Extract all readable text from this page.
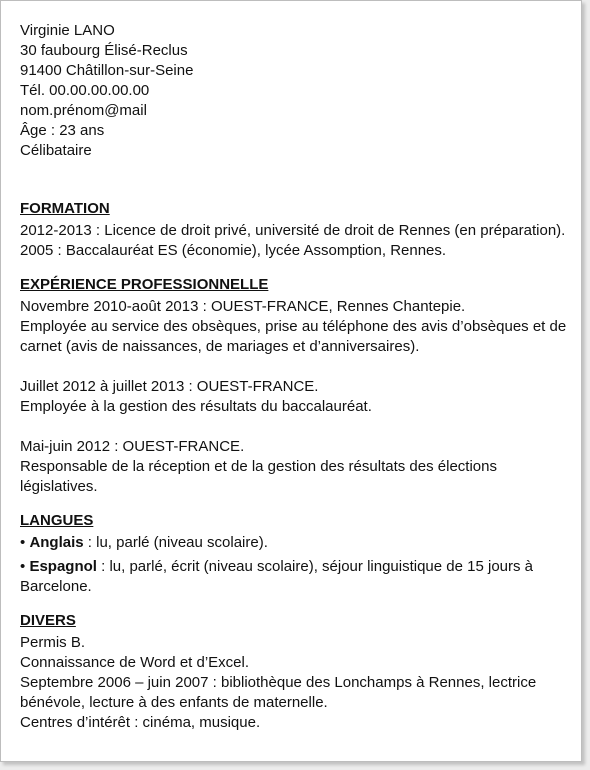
Virginie LANO
30 faubourg Élisé-Reclus
91400 Châtillon-sur-Seine
Tél. 00.00.00.00.00
nom.prénom@mail
Âge : 23 ans
Célibataire
FORMATION
2012-2013 : Licence de droit privé, université de droit de Rennes (en préparation).
2005 : Baccalauréat ES (économie), lycée Assomption, Rennes.
EXPÉRIENCE PROFESSIONNELLE
Novembre 2010-août 2013 : OUEST-FRANCE, Rennes Chantepie.
Employée au service des obsèques, prise au téléphone des avis d’obsèques et de carnet (avis de naissances, de mariages et d’anniversaires).
Juillet 2012 à juillet 2013 : OUEST-FRANCE.
Employée à la gestion des résultats du baccalauréat.
Mai-juin 2012 : OUEST-FRANCE.
Responsable de la réception et de la gestion des résultats des élections législatives.
LANGUES
• Anglais : lu, parlé (niveau scolaire).
• Espagnol : lu, parlé, écrit (niveau scolaire), séjour linguistique de 15 jours à Barcelone.
DIVERS
Permis B.
Connaissance de Word et d’Excel.
Septembre 2006 – juin 2007 : bibliothèque des Lonchamps à Rennes, lectrice bénévole, lecture à des enfants de maternelle.
Centres d’intérêt : cinéma, musique.
